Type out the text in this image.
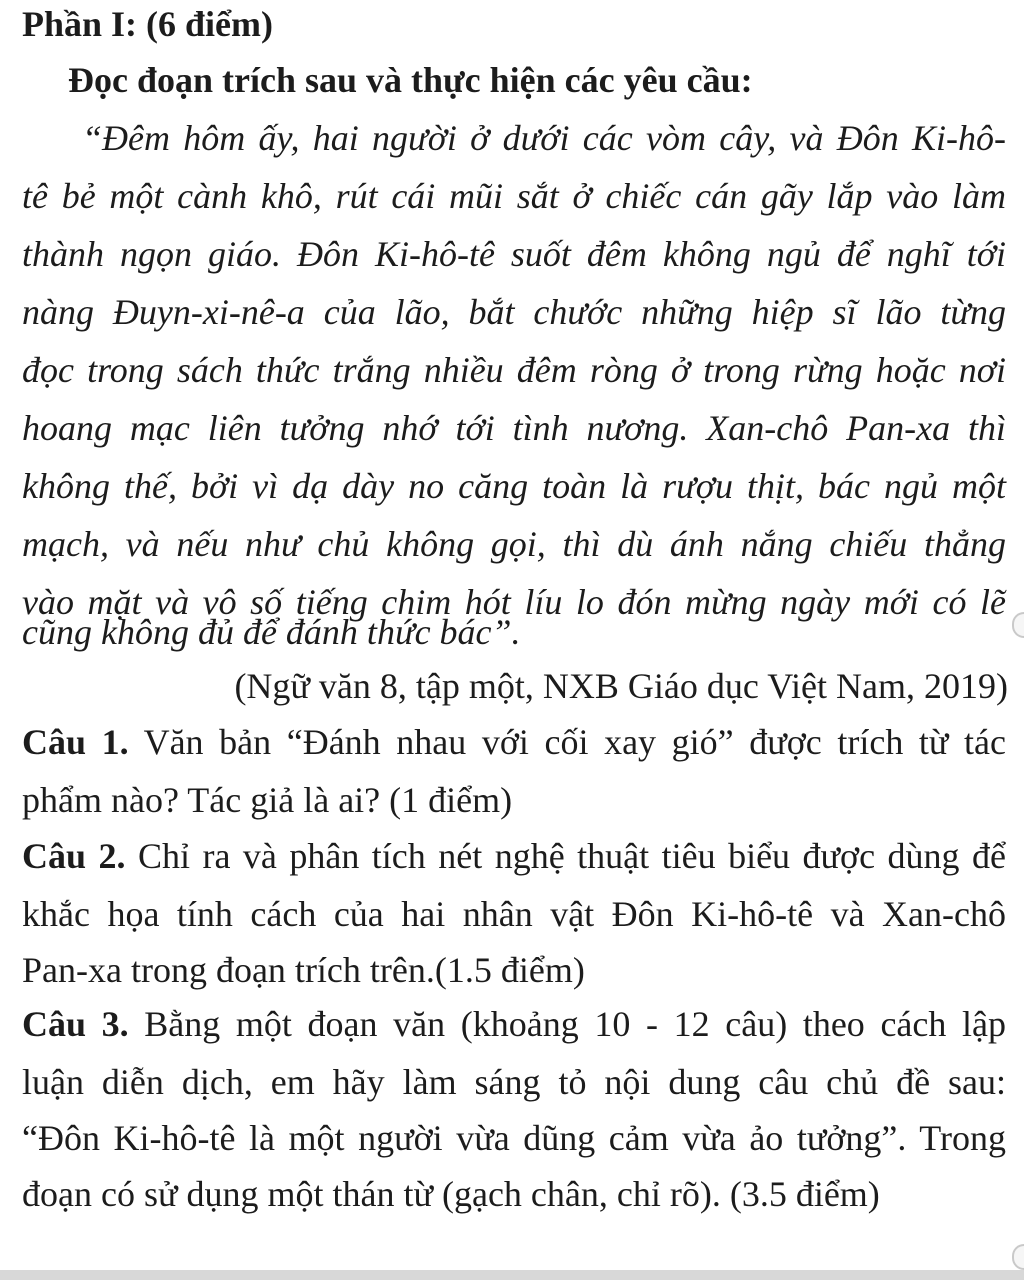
Phần I: (6 điểm)
Đọc đoạn trích sau và thực hiện các yêu cầu:
“Đêm hôm ấy, hai người ở dưới các vòm cây, và Đôn Ki-hô-
tê bẻ một cành khô, rút cái mũi sắt ở chiếc cán gãy lắp vào làm
thành ngọn giáo. Đôn Ki-hô-tê suốt đêm không ngủ để nghĩ tới
nàng Đuyn-xi-nê-a của lão, bắt chước những hiệp sĩ lão từng
đọc trong sách thức trắng nhiều đêm ròng ở trong rừng hoặc nơi
hoang mạc liên tưởng nhớ tới tình nương. Xan-chô Pan-xa thì
không thế, bởi vì dạ dày no căng toàn là rượu thịt, bác ngủ một
mạch, và nếu như chủ không gọi, thì dù ánh nắng chiếu thẳng
vào mặt và vô số tiếng chim hót líu lo đón mừng ngày mới có lẽ
cũng không đủ để đánh thức bác”.
(Ngữ văn 8, tập một, NXB Giáo dục Việt Nam, 2019)
Câu 1. Văn bản “Đánh nhau với cối xay gió” được trích từ tác
phẩm nào? Tác giả là ai? (1 điểm)
Câu 2. Chỉ ra và phân tích nét nghệ thuật tiêu biểu được dùng để
khắc họa tính cách của hai nhân vật Đôn Ki-hô-tê và Xan-chô
Pan-xa trong đoạn trích trên.(1.5 điểm)
Câu 3. Bằng một đoạn văn (khoảng 10 - 12 câu) theo cách lập
luận diễn dịch, em hãy làm sáng tỏ nội dung câu chủ đề sau:
“Đôn Ki-hô-tê là một người vừa dũng cảm vừa ảo tưởng”. Trong
đoạn có sử dụng một thán từ (gạch chân, chỉ rõ). (3.5 điểm)
